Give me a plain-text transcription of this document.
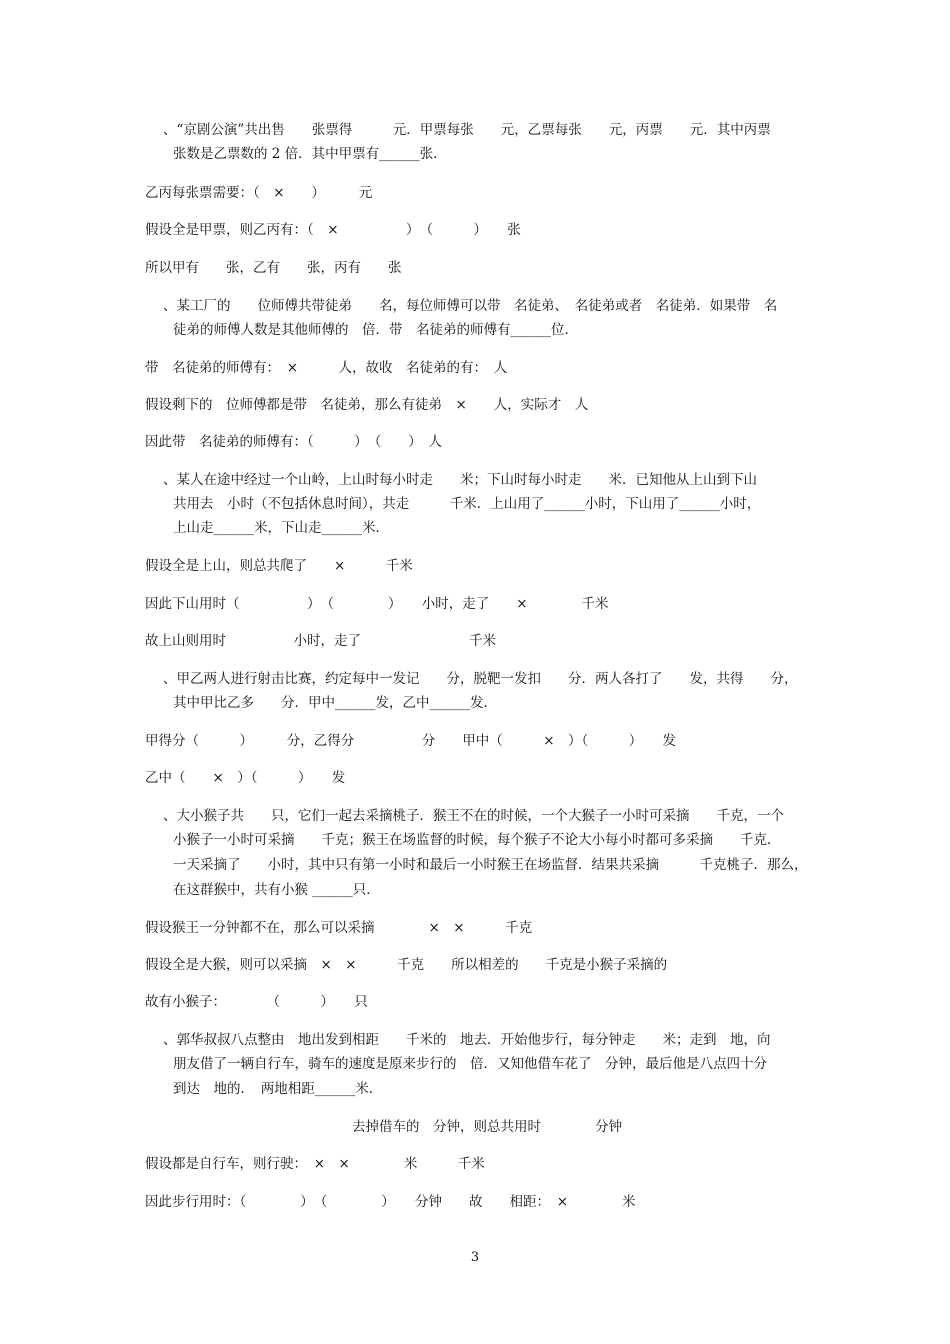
、“京剧公演”共出售　　张票得　　　元．甲票每张　　元，乙票每张　　元，丙票　　元．其中丙票
张数是乙票数的 2 倍．其中甲票有______张．
乙丙每张票需要：（　×　　）　　　元
假设全是甲票，则乙丙有：（　×　　　　　）　（　　　）　　张
所以甲有　　张，乙有　　张，丙有　　张
、某工厂的　　位师傅共带徒弟　　名，每位师傅可以带　名徒弟、　名徒弟或者　名徒弟．如果带　名
徒弟的师傅人数是其他师傅的　倍．带　名徒弟的师傅有______位．
带　名徒弟的师傅有：　×　　　人，故收　名徒弟的有：　人
假设剩下的　位师傅都是带　名徒弟，那么有徒弟　×　　人，实际才　人
因此带　名徒弟的师傅有：（　　　）　（　　）　人
、某人在途中经过一个山岭，上山时每小时走　　米；下山时每小时走　　米．已知他从上山到下山
共用去　小时（不包括休息时间），共走　　　千米．上山用了______小时，下山用了______小时，
上山走______米，下山走______米．
假设全是上山，则总共爬了　　×　　　千米
因此下山用时（　　　　　）　（　　　　）　　小时，走了　　×　　　　千米
故上山则用时　　　　　小时，走了　　　　　　　　千米
、甲乙两人进行射击比赛，约定每中一发记　　分，脱靶一发扣　　分．两人各打了　　发，共得　　分，
其中甲比乙多　　分．甲中______发，乙中______发．
甲得分（　　　）　　　分，乙得分　　　　　分　　甲中（　　　×　）（　　　）　　发
乙中（　　×　）（　　　）　　发
、大小猴子共　　只，它们一起去采摘桃子．猴王不在的时候，一个大猴子一小时可采摘　　千克，一个
小猴子一小时可采摘　　千克；猴王在场监督的时候，每个猴子不论大小每小时都可多采摘　　千克．
一天采摘了　　小时，其中只有第一小时和最后一小时猴王在场监督．结果共采摘　　　千克桃子．那么，
在这群猴中，共有小猴 ______只．
假设猴王一分钟都不在，那么可以采摘　　　　×　×　　　千克
假设全是大猴，则可以采摘　×　×　　　千克　　所以相差的　　千克是小猴子采摘的
故有小猴子：　　　　（　　　）　　只
、郭华叔叔八点整由　地出发到相距　　千米的　地去．开始他步行，每分钟走　　米；走到　地，向
朋友借了一辆自行车，骑车的速度是原来步行的　倍．又知他借车花了　分钟，最后他是八点四十分
到达　地的．　两地相距______米．
去掉借车的　分钟，则总共用时　　　　分钟
假设都是自行车，则行驶：　×　×　　　　米　　　千米
因此步行用时：（　　　　）　（　　　　）　　分钟　　故　　相距：　×　　　　米
3
